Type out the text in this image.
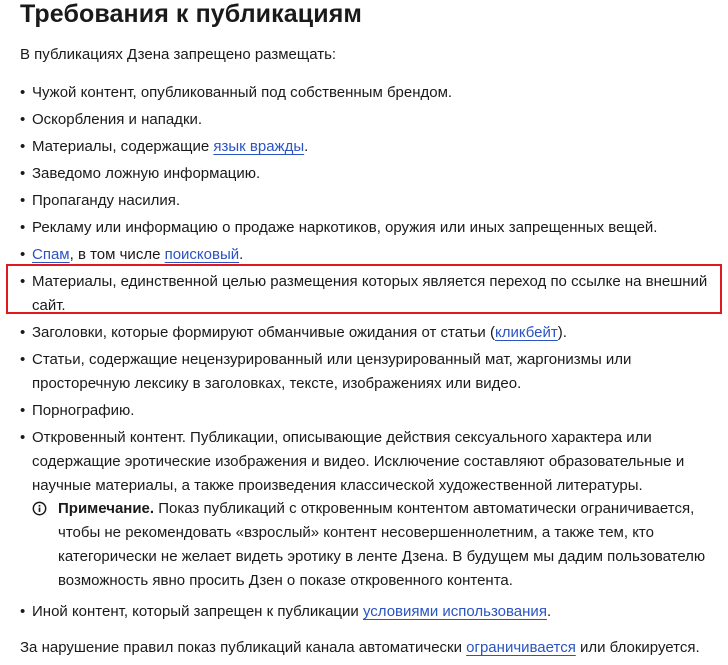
Требования к публикациям

В публикациях Дзена запрещено размещать:

• Чужой контент, опубликованный под собственным брендом.
• Оскорбления и нападки.
• Материалы, содержащие язык вражды.
• Заведомо ложную информацию.
• Пропаганду насилия.
• Рекламу или информацию о продаже наркотиков, оружия или иных запрещенных вещей.
• Спам, в том числе поисковый.
• Материалы, единственной целью размещения которых является переход по ссылке на внешний сайт.
• Заголовки, которые формируют обманчивые ожидания от статьи (кликбейт).
• Статьи, содержащие нецензурированный или цензурированный мат, жаргонизмы или просторечную лексику в заголовках, тексте, изображениях или видео.
• Порнографию.
• Откровенный контент. Публикации, описывающие действия сексуального характера или содержащие эротические изображения и видео. Исключение составляют образовательные и научные материалы, а также произведения классической художественной литературы.
Примечание. Показ публикаций с откровенным контентом автоматически ограничивается, чтобы не рекомендовать «взрослый» контент несовершеннолетним, а также тем, кто категорически не желает видеть эротику в ленте Дзена. В будущем мы дадим пользователю возможность явно просить Дзен о показе откровенного контента.
• Иной контент, который запрещен к публикации условиями использования.

За нарушение правил показ публикаций канала автоматически ограничивается или блокируется.
